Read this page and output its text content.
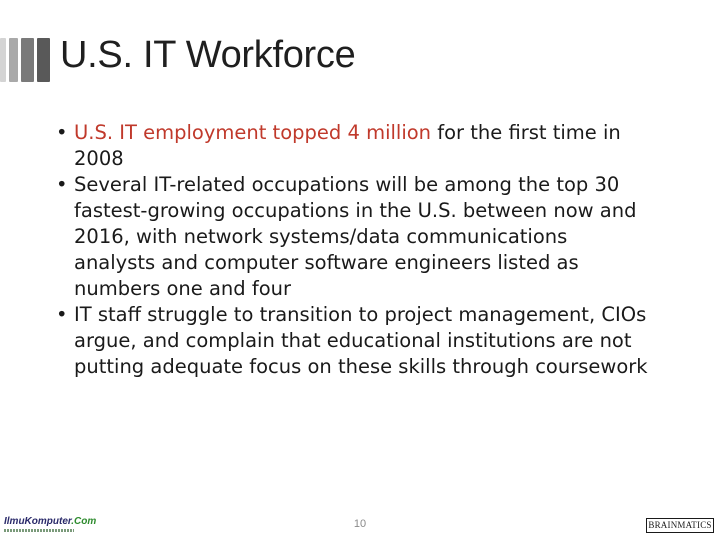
U.S. IT Workforce
• U.S. IT employment topped 4 million for the first time in 2008
• Several IT-related occupations will be among the top 30 fastest-growing occupations in the U.S. between now and 2016, with network systems/data communications analysts and computer software engineers listed as numbers one and four
• IT staff struggle to transition to project management, CIOs argue, and complain that educational institutions are not putting adequate focus on these skills through coursework
IlmuKomputer.Com	10	BRAINMATICS
